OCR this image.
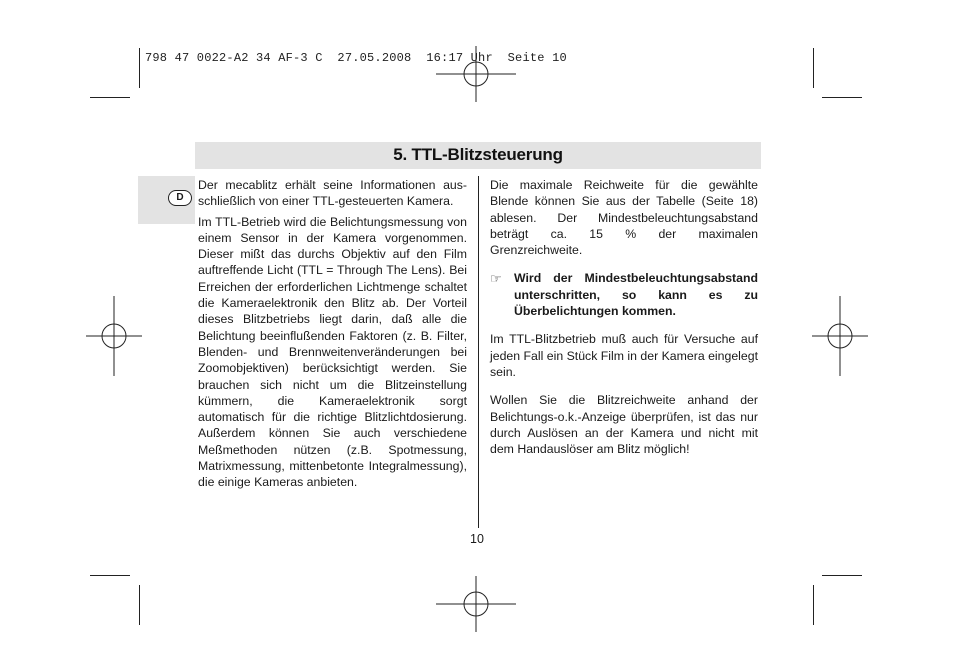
798 47 0022-A2 34 AF-3 C  27.05.2008  16:17 Uhr  Seite 10
5. TTL-Blitzsteuerung
D

Der mecablitz erhält seine Informationen aus-schließlich von einer TTL-gesteuerten Kamera.

Im TTL-Betrieb wird die Belichtungsmessung von einem Sensor in der Kamera vorgenommen. Dieser mißt das durchs Objektiv auf den Film auftreffende Licht (TTL = Through The Lens). Bei Erreichen der erforderlichen Lichtmenge schaltet die Kameraelektronik den Blitz ab. Der Vorteil dieses Blitzbetriebs liegt darin, daß alle die Belichtung beeinflußenden Faktoren (z. B. Filter, Blenden- und Brennweitenveränderungen bei Zoomobjektiven) berücksichtigt werden. Sie brauchen sich nicht um die Blitzeinstellung kümmern, die Kameraelektronik sorgt automatisch für die richtige Blitzlichtdosierung. Außerdem können Sie auch verschiedene Meßmethoden nützen (z.B. Spotmessung, Matrixmessung, mittenbetonte Integralmessung), die einige Kameras anbieten.

Die maximale Reichweite für die gewählte Blende können Sie aus der Tabelle (Seite 18) ablesen. Der Mindestbeleuchtungsabstand beträgt ca. 15 % der maximalen Grenzreichweite.

☞ Wird der Mindestbeleuchtungsabstand unterschritten, so kann es zu Überbelichtungen kommen.

Im TTL-Blitzbetrieb muß auch für Versuche auf jeden Fall ein Stück Film in der Kamera eingelegt sein.

Wollen Sie die Blitzreichweite anhand der Belichtungs-o.k.-Anzeige überprüfen, ist das nur durch Auslösen an der Kamera und nicht mit dem Handauslöser am Blitz möglich!

10
